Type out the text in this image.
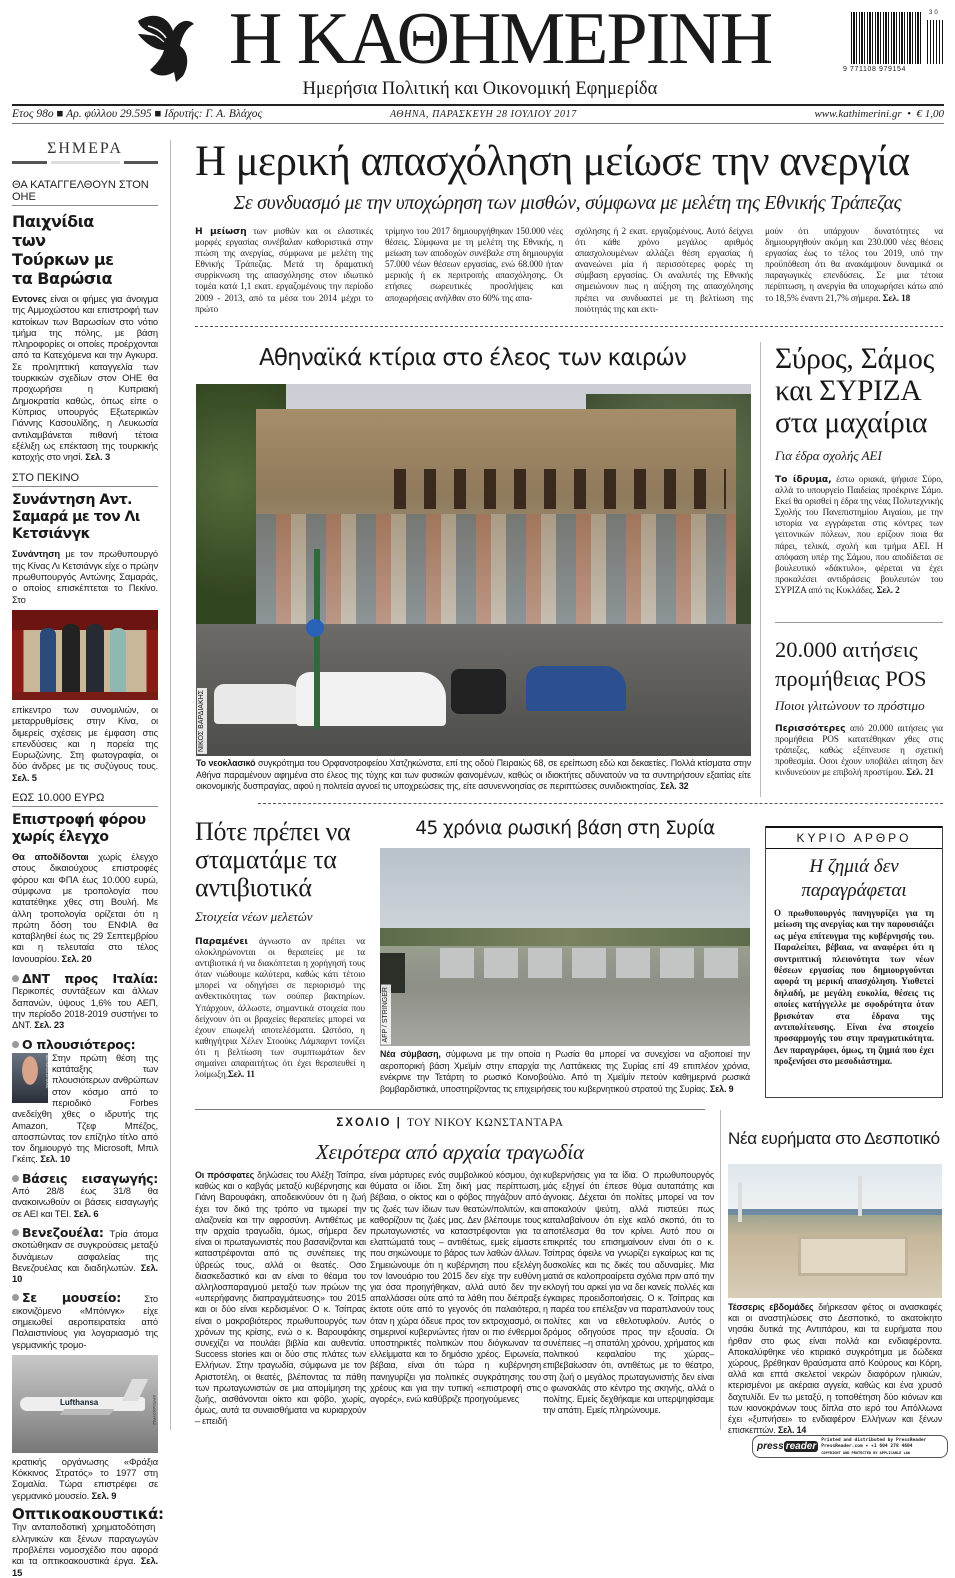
Η ΚΑΘΗΜΕΡΙΝΗ
Ημερήσια Πολιτική και Οικονομική Εφημερίδα
30
9 771108 979154
Ετος 98ο ■ Αρ. φύλλου 29.595 ■ Ιδρυτής: Γ. Α. Βλάχος	ΑΘΗΝΑ, ΠΑΡΑΣΚΕΥΗ 28 ΙΟΥΛΙΟΥ 2017	www.kathimerini.gr  •  € 1,00
ΣΗΜΕΡΑ
ΘΑ ΚΑΤΑΓΓΕΛΘΟΥΝ ΣΤΟΝ ΟΗΕ
Παιχνίδια των Τούρκων με τα Βαρώσια

Εντονες είναι οι φήμες για άνοιγμα της Αμμοχώστου και επιστροφή των κατοίκων των Βαρωσίων στο νότιο τμήμα της πόλης, με βάση πληροφορίες οι οποίες προέρχονται από τα Κατεχόμενα και την Αγκυρα. Σε προληπτική καταγγελία των τουρκικών σχεδίων στον ΟΗΕ θα προχωρήσει η Κυπριακή Δημοκρατία καθώς, όπως είπε ο Κύπριος υπουργός Εξωτερικών Γιάννης Κασουλίδης, η Λευκωσία αντιλαμβάνεται πιθανή τέτοια εξέλιξη ως επέκταση της τουρκικής κατοχής στο νησί. Σελ. 3

ΣΤΟ ΠΕΚΙΝΟ
Συνάντηση Αντ. Σαμαρά με τον Λι Κετσιάνγκ

Συνάντηση με τον πρωθυπουργό της Κίνας Λι Κετσιάνγκ είχε ο πρώην πρωθυπουργός Αντώνης Σαμαράς, ο οποίος επισκέπτεται το Πεκίνο. Στο

επίκεντρο των συνομιλιών, οι μεταρρυθμίσεις στην Κίνα, οι διμερείς σχέσεις με έμφαση στις επενδύσεις και η πορεία της Ευρωζώνης. Στη φωτογραφία, οι δύο άνδρες με τις συζύγους τους. Σελ. 5

ΕΩΣ 10.000 ΕΥΡΩ
Επιστροφή φόρου χωρίς έλεγχο

Θα αποδίδονται χωρίς έλεγχο στους δικαιούχους επιστροφές φόρου και ΦΠΑ έως 10.000 ευρώ, σύμφωνα με τροπολογία που κατατέθηκε χθες στη Βουλή. Με άλλη τροπολογία ορίζεται ότι η πρώτη δόση του ΕΝΦΙΑ θα καταβληθεί έως τις 29 Σεπτεμβρίου και η τελευταία στο τέλος Ιανουαρίου. Σελ. 20

ΔΝΤ προς Ιταλία: Περικοπές συντάξεων και άλλων δαπανών, ύψους 1,6% του ΑΕΠ, την περίοδο 2018-2019 συστήνει το ΔΝΤ. Σελ. 23

Ο πλουσιότερος:

REUTERS/ALEX WONG Στην πρώτη θέση της κατάταξης των πλουσιότερων ανθρώπων στον κόσμο από το περιοδικό Forbes ανεδείχθη χθες ο ιδρυτής της Amazon, Τζεφ Μπέζος, αποσπώντας τον επίζηλο τίτλο από τον δημιουργό της Microsoft, Μπιλ Γκέιτς. Σελ. 10

Βάσεις εισαγωγής: Από 28/8 έως 31/8 θα ανακοινωθούν οι βάσεις εισαγωγής σε ΑΕΙ και ΤΕΙ. Σελ. 6

Βενεζουέλα: Τρία άτομα σκοτώθηκαν σε συγκρούσεις μεταξύ δυνάμεων ασφαλείας της Βενεζουέλας και διαδηλωτών. Σελ. 10

Σε μουσείο: Στο εικονιζόμενο «Μπόινγκ» είχε σημειωθεί αεροπειρατεία από Παλαιστινίους για λογαριασμό της γερμανικής τρομο-

Lufthansa	ΑΡ/ΠΛΑΚΟΥΡΑΣ

κρατικής οργάνωσης «Φράξια Κόκκινος Στρατός» το 1977 στη Σομαλία. Τώρα επιστρέφει σε γερμανικό μουσείο. Σελ. 9

Οπτικοακουστικά: Την ανταποδοτική χρηματοδότηση ελληνικών και ξένων παραγωγών προβλέπει νομοσχέδιο που αφορά και τα οπτικοακουστικά έργα. Σελ. 15

Η μερική απασχόληση μείωσε την ανεργία
Σε συνδυασμό με την υποχώρηση των μισθών, σύμφωνα με μελέτη της Εθνικής Τράπεζας
Η μείωση των μισθών και οι ελαστικές μορφές εργασίας συνέβαλαν καθοριστικά στην πτώση της ανεργίας, σύμφωνα με μελέτη της Εθνικής Τράπεζας. Μετά τη δραματική συρρίκνωση της απασχόλησης στον ιδιωτικό τομέα κατά 1,1 εκατ. εργαζομένους την περίοδο 2009 - 2013, από τα μέσα του 2014 μέχρι το πρώτο
τρίμηνο του 2017 δημιουργήθηκαν 150.000 νέες θέσεις. Σύμφωνα με τη μελέτη της Εθνικής, η μείωση των αποδοχών συνέβαλε στη δημιουργία 57.000 νέων θέσεων εργασίας, ενώ 68.000 ήταν μερικής ή εκ περιτροπής απασχόλησης. Οι ετήσιες σωρευτικές προσλήψεις και αποχωρήσεις ανήλθαν στο 60% της απα-
σχόλησης ή 2 εκατ. εργαζομένους. Αυτό δείχνει ότι κάθε χρόνο μεγάλος αριθμός απασχολουμένων αλλάζει θέση εργασίας ή ανανεώνει μία ή περισσότερες φορές τη σύμβαση εργασίας. Οι αναλυτές της Εθνικής σημειώνουν πως η αύξηση της απασχόλησης πρέπει να συνδυαστεί με τη βελτίωση της ποιότητάς της και εκτι-
μούν ότι υπάρχουν δυνατότητες να δημιουργηθούν ακόμη και 230.000 νέες θέσεις εργασίας έως το τέλος του 2019, υπό την προϋπόθεση ότι θα ανακάμψουν δυναμικά οι παραγωγικές επενδύσεις. Σε μια τέτοια περίπτωση, η ανεργία θα υποχωρήσει κάτω από το 18,5% έναντι 21,7% σήμερα. Σελ. 18
Αθηναϊκά κτίρια στο έλεος των καιρών
ΝΙΚΟΣ ΒΑΡΔΙΑΚΗΣ

Το νεοκλασικό συγκρότημα του Ορφανοτροφείου Χατζηκώνστα, επί της οδού Πειραιώς 68, σε ερείπωση εδώ και δεκαετίες. Πολλά κτίσματα στην Αθήνα παραμένουν αφημένα στο έλεος της τύχης και των φυσικών φαινομένων, καθώς οι ιδιοκτήτες αδυνατούν να τα συντηρήσουν εξαιτίας είτε οικονομικής δυσπραγίας, αφού η πολιτεία αγνοεί τις υποχρεώσεις της, είτε ασυνεννοησίας σε περιπτώσεις συνιδιοκτησίας. Σελ. 32

Σύρος, Σάμος και ΣΥΡΙΖΑ στα μαχαίρια
Για έδρα σχολής ΑΕΙ

Το ίδρυμα, έστω οριακά, ψήφισε Σύρο, αλλά το υπουργείο Παιδείας προέκρινε Σάμο. Εκεί θα ορισθεί η έδρα της νέας Πολυτεχνικής Σχολής του Πανεπιστημίου Αιγαίου, με την ιστορία να εγγράφεται στις κόντρες των γειτονικών πόλεων, που ερίζουν ποια θα πάρει, τελικά, σχολή και τμήμα ΑΕΙ. Η απόφαση υπέρ της Σάμου, που αποδίδεται σε βουλευτικό «δάκτυλο», φέρεται να έχει προκαλέσει αντιδράσεις βουλευτών του ΣΥΡΙΖΑ από τις Κυκλάδες. Σελ. 2

20.000 αιτήσεις προμήθειας POS
Ποιοι γλιτώνουν το πρόστιμο

Περισσότερες από 20.000 αιτήσεις για προμήθεια POS κατατέθηκαν χθες στις τράπεζες, καθώς εξέπνευσε η σχετική προθεσμία. Οσοι έχουν υποβάλει αίτηση δεν κινδυνεύουν με επιβολή προστίμου. Σελ. 21

Πότε πρέπει να σταματάμε τα αντιβιοτικά
Στοιχεία νέων μελετών

Παραμένει άγνωστο αν πρέπει να ολοκληρώνονται οι θεραπείες με τα αντιβιοτικά ή να διακόπτεται η χορήγησή τους όταν νιώθουμε καλύτερα, καθώς κάτι τέτοιο μπορεί να οδηγήσει σε περιορισμό της ανθεκτικότητας των σούπερ βακτηρίων. Υπάρχουν, άλλωστε, σημαντικά στοιχεία που δείχνουν ότι οι βραχείες θεραπείες μπορεί να έχουν επωφελή αποτελέσματα. Ωστόσο, η καθηγήτρια Χέλεν Στοούκς Λάμπαρντ τονίζει ότι η βελτίωση των συμπτωμάτων δεν σημαίνει απαραιτήτως ότι έχει θεραπευθεί η λοίμωξη.Σελ. 11

45 χρόνια ρωσική βάση στη Συρία
AFP / STRINGER

Νέα σύμβαση, σύμφωνα με την οποία η Ρωσία θα μπορεί να συνεχίσει να αξιοποιεί την αεροπορική βάση Χμεϊμίν στην επαρχία της Λαττάκειας της Συρίας επί 49 επιπλέον χρόνια, ενέκρινε την Τετάρτη το ρωσικό Κοινοβούλιο. Από τη Χμεϊμίν πετούν καθημερινά ρωσικά βομβαρδιστικά, υποστηρίζοντας τις επιχειρήσεις του κυβερνητικού στρατού της Συρίας. Σελ. 9

ΚΥΡΙΟ ΑΡΘΡΟ
Η ζημιά δεν παραγράφεται

Ο πρωθυπουργός πανηγυρίζει για τη μείωση της ανεργίας και την παρουσιάζει ως μέγα επίτευγμα της κυβέρνησής του. Παραλείπει, βέβαια, να αναφέρει ότι η συντριπτική πλειονότητα των νέων θέσεων εργασίας που δημιουργούνται αφορά τη μερική απασχόληση. Υιοθετεί δηλαδή, με μεγάλη ευκολία, θέσεις τις οποίες κατήγγελλε με σφοδρότητα όταν βρισκόταν στα έδρανα της αντιπολίτευσης. Είναι ένα στοιχείο προσαρμογής του στην πραγματικότητα. Δεν παραγράφει, όμως, τη ζημιά που έχει προξενήσει στο μεσοδιάστημα.

ΣΧΟΛΙΟ | ΤΟΥ ΝΙΚΟΥ ΚΩΝΣΤΑΝΤΑΡΑ
Χειρότερα από αρχαία τραγωδία

Οι πρόσφατες δηλώσεις του Αλέξη Τσίπρα, καθώς και ο καβγάς μεταξύ κυβέρνησης και Γιάνη Βαρουφάκη, αποδεικνύουν ότι η ζωή έχει τον δικό της τρόπο να τιμωρεί την αλαζονεία και την αφροσύνη. Αντιθέτως με την αρχαία τραγωδία, όμως, σήμερα δεν είναι οι πρωταγωνιστές που βασανίζονται και καταστρέφονται από τις συνέπειες της ύβρεώς τους, αλλά οι θεατές. Οσο διασκεδαστικό και αν είναι το θέαμα του αλληλοσπαραγμού μεταξύ των πρώων της «υπερήφανης διαπραγμάτευσης» του 2015 και οι δύο είναι κερδισμένοι: Ο κ. Τσίπρας είναι ο μακροβιότερος πρωθυπουργός των χρόνων της κρίσης, ενώ ο κ. Βαρουφάκης συνεχίζει να πουλάει βιβλία και αυθεντία. Success stories και οι δύο στις πλάτες των Ελλήνων. Στην τραγωδία, σύμφωνα με τον Αριστοτέλη, οι θεατές, βλέποντας τα πάθη των πρωταγωνιστών σε μια απομίμηση της ζωής, αισθάνονται οίκτο και φόβο, χωρίς, όμως, αυτά τα συναισθήματα να κυριαρχούν – επειδή

είναι μάρτυρες ενός συμβολικού κόσμου, όχι θύματα οι ίδιοι. Στη δική μας περίπτωση, βέβαια, ο οίκτος και ο φόβος πηγάζουν από τις ζωές των ίδιων των θεατών/πολιτών, και καθορίζουν τις ζωές μας. Δεν βλέπουμε τους πρωταγωνιστές να καταστρέφονται για τα ελαττώματά τους – αντιθέτως, εμείς είμαστε που σηκώνουμε το βάρος των λαθών άλλων. Σημειώνουμε ότι η κυβέρνηση που εξελέγη τον Ιανουάριο του 2015 δεν είχε την ευθύνη για όσα προηγήθηκαν, αλλά αυτό δεν την απαλλάσσει ούτε από τα λάθη που διέπραξε έκτοτε ούτε από το γεγονός ότι παλαιότερα, όταν η χώρα όδευε προς τον εκτροχιασμό, οι σημερινοί κυβερνώντες ήταν οι πιο ένθερμοι υποστηρικτές πολιτικών που διόγκωναν τα ελλείμματα και το δημόσιο χρέος. Ειρωνεία, βέβαια, είναι ότι τώρα η κυβέρνηση πανηγυρίζει για πολιτικές συγκράτησης του χρέους και για την τυπική «επιστροφή στις αγορές», ενώ καθύβριζε προηγούμενες

κυβερνήσεις για τα ίδια. Ο πρωθυπουργός μάς εξηγεί ότι έπεσε θύμα αυταπάτης και άγνοιας. Δέχεται ότι πολίτες μπορεί να τον αποκαλούν ψεύτη, αλλά πιστεύει πως καταλαβαίνουν ότι είχε καλό σκοπό, ότι το αποτέλεσμα θα τον κρίνει. Αυτό που οι επικριτές του επισημαίνουν είναι ότι ο κ. Τσίπρας όφειλε να γνωρίζει εγκαίρως και τις δυσκολίες και τις δικές του αδυναμίες. Μια ματιά σε καλοπροαίρετα σχόλια πριν από την εκλογή του αρκεί για να δει κανείς πολλές και έγκαιρες προειδοποιήσεις. Ο κ. Τσίπρας και η παρέα του επέλεξαν να παραπλανούν τους πολίτες και να εθελοτυφλούν. Αυτός ο δρόμος οδηγούσε προς την εξουσία. Οι συνέπειες –η σπατάλη χρόνου, χρήματος και πολιτικού κεφαλαίου της χώρας– επιβεβαίωσαν ότι, αντιθέτως με το θέατρο, στη ζωή ο μεγάλος πρωταγωνιστής δεν είναι ο φωνακλάς στο κέντρο της σκηνής, αλλά ο πολίτης. Εμείς δεχθήκαμε και υπερψηφίσαμε την απάτη. Εμείς πληρώνουμε.

Νέα ευρήματα στο Δεσποτικό

Τέσσερις εβδομάδες διήρκεσαν φέτος οι ανασκαφές και οι αναστηλώσεις στο Δεσποτικό, το ακατοίκητο νησάκι δυτικά της Αντιπάρου, και τα ευρήματα που ήρθαν στο φως είναι πολλά και ενδιαφέροντα. Αποκαλύφθηκε νέο κτιριακό συγκρότημα με δώδεκα χώρους, βρέθηκαν θραύσματα από Κούρους και Κόρη, αλλά και επτά σκελετοί νεκρών διαφόρων ηλικιών, κτερισμένοι με ακέραια αγγεία, καθώς και ένα χρυσό δαχτυλίδι. Εν τω μεταξύ, η τοποθέτηση δύο κιόνων και των κιονοκράνων τους δίπλα στο ιερό του Απόλλωνα έχει «ξυπνήσει» το ενδιαφέρον Ελλήνων και ξένων επισκεπτών. Σελ. 14

press reader
Printed and distributed by PressReader
PressReader.com + +1 604 278 4604
COPYRIGHT AND PROTECTED BY APPLICABLE LAW
